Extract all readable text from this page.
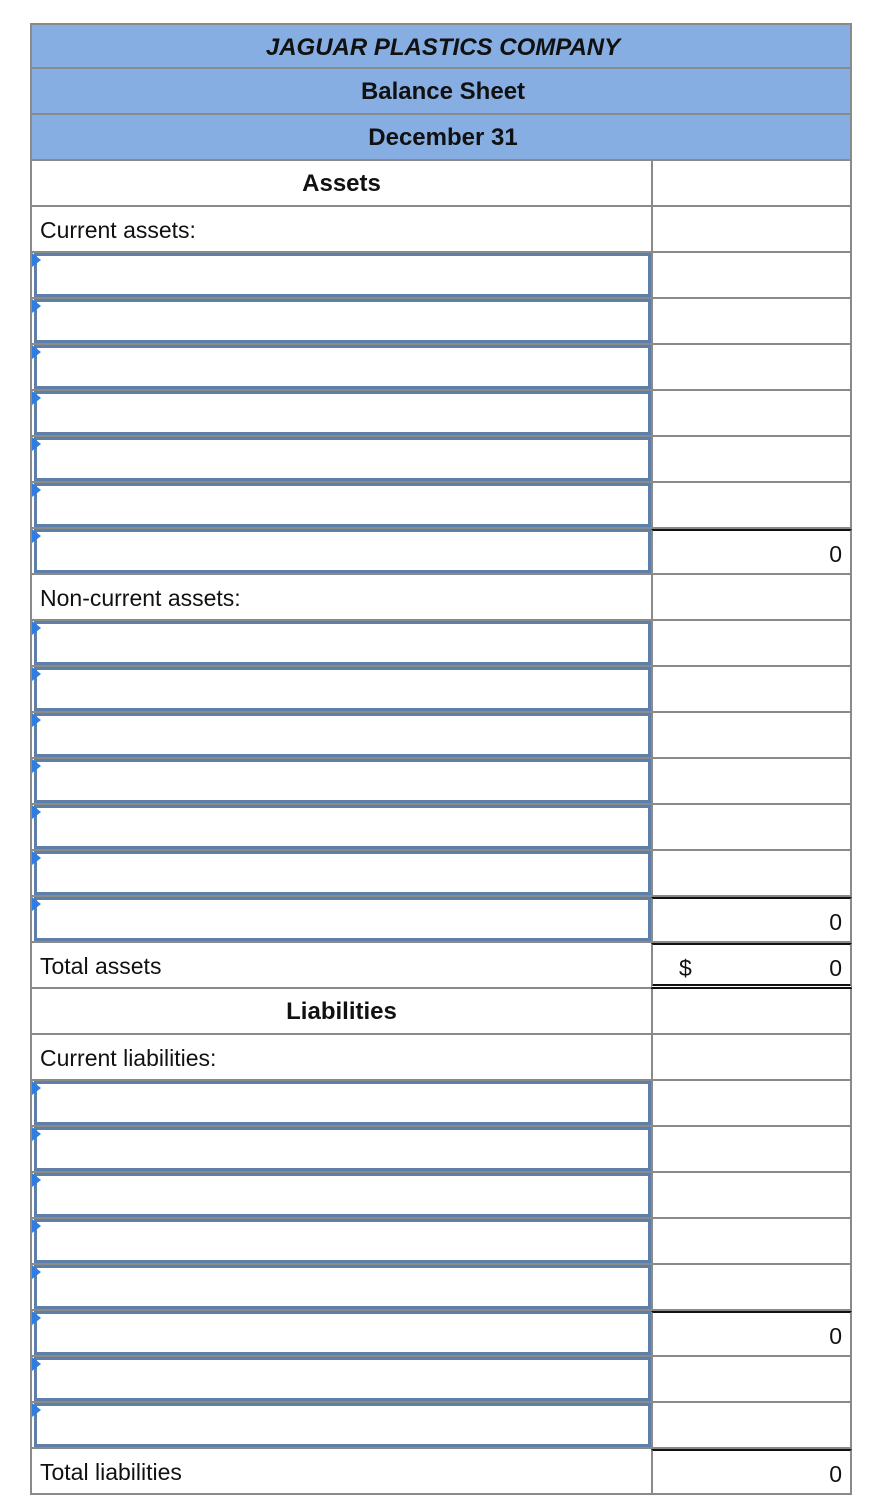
JAGUAR PLASTICS COMPANY
Balance Sheet
December 31
Assets
Current assets:
0
Non-current assets:
0
Total assets	$	0
Liabilities
Current liabilities:
0
Total liabilities	0
